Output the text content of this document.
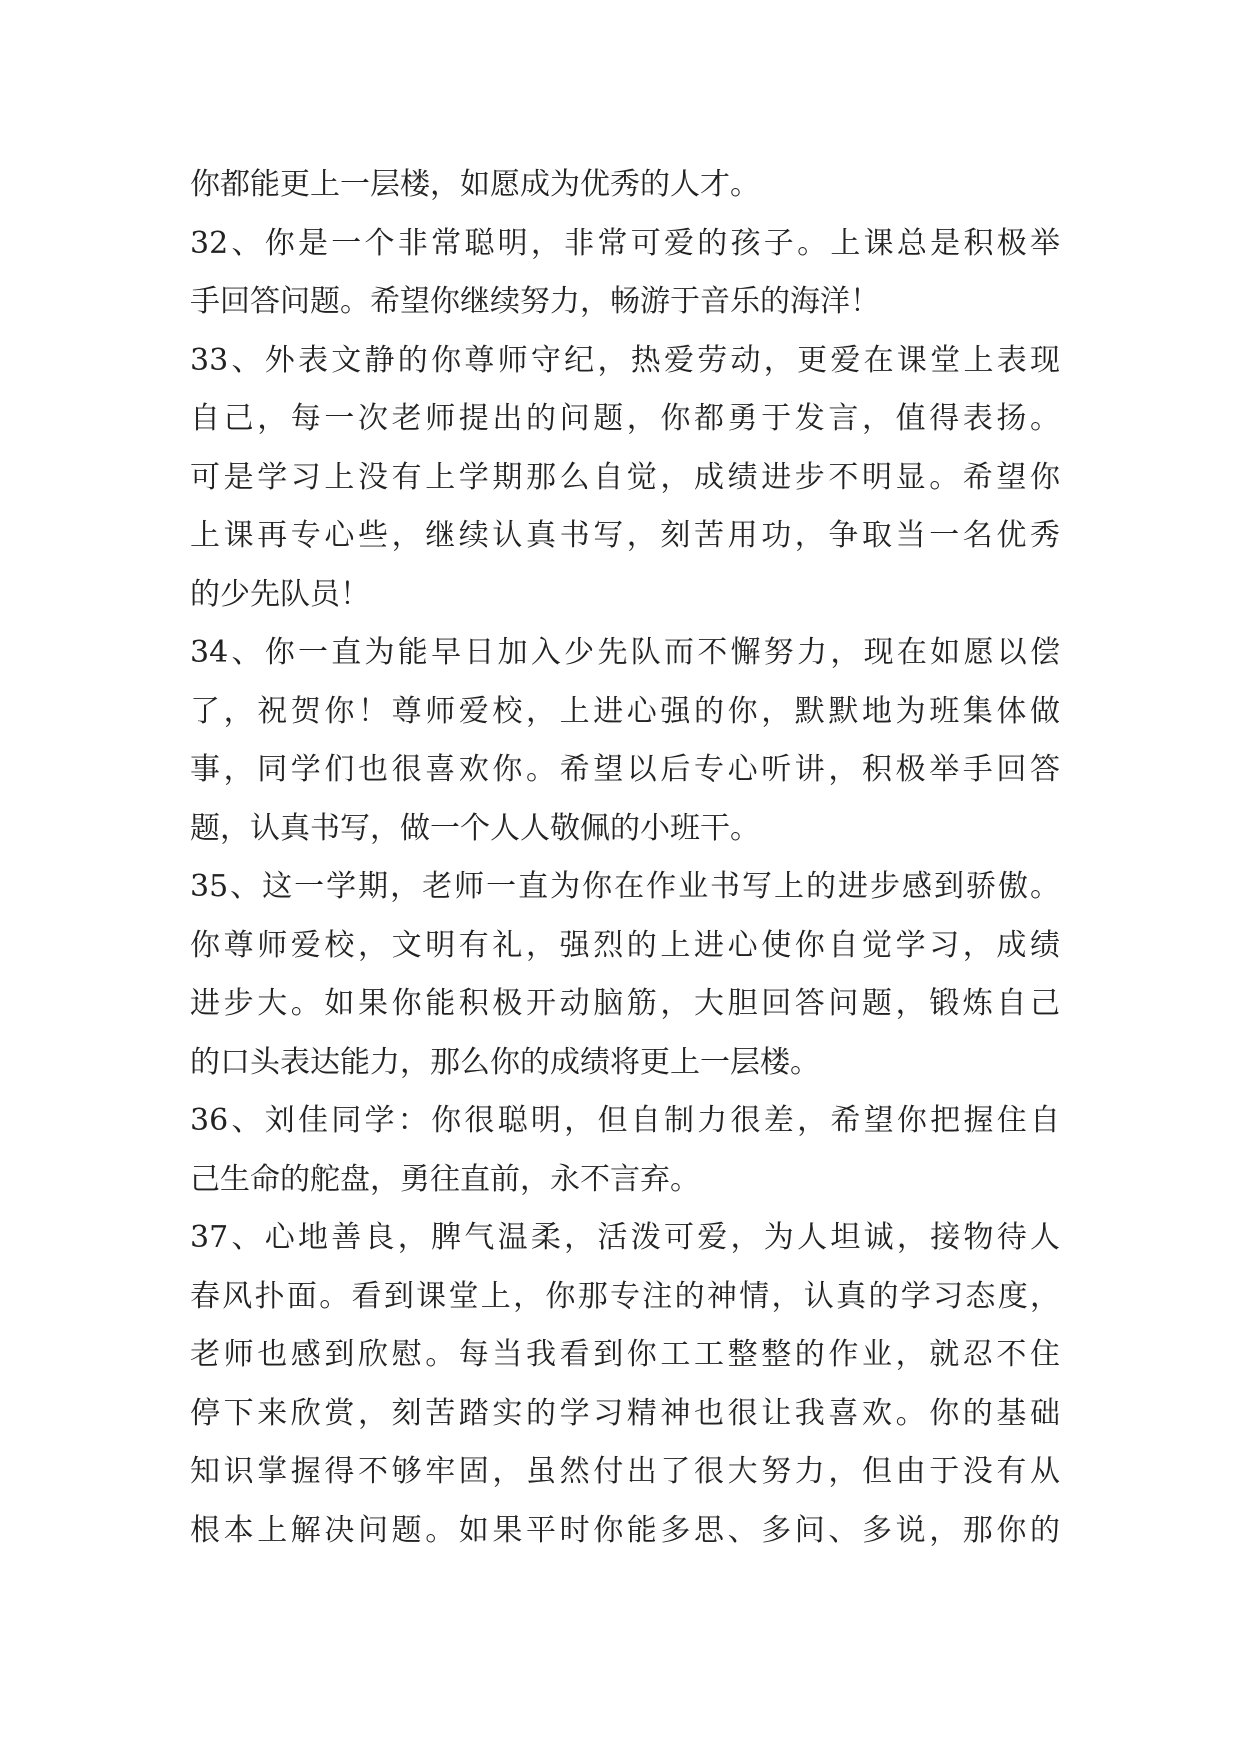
你都能更上一层楼，如愿成为优秀的人才。
32、你是一个非常聪明，非常可爱的孩子。上课总是积极举
手回答问题。希望你继续努力，畅游于音乐的海洋！
33、外表文静的你尊师守纪，热爱劳动，更爱在课堂上表现
自己，每一次老师提出的问题，你都勇于发言，值得表扬。
可是学习上没有上学期那么自觉，成绩进步不明显。希望你
上课再专心些，继续认真书写，刻苦用功，争取当一名优秀
的少先队员！
34、你一直为能早日加入少先队而不懈努力，现在如愿以偿
了，祝贺你！尊师爱校，上进心强的你，默默地为班集体做
事，同学们也很喜欢你。希望以后专心听讲，积极举手回答
题，认真书写，做一个人人敬佩的小班干。
35、这一学期，老师一直为你在作业书写上的进步感到骄傲。
你尊师爱校，文明有礼，强烈的上进心使你自觉学习，成绩
进步大。如果你能积极开动脑筋，大胆回答问题，锻炼自己
的口头表达能力，那么你的成绩将更上一层楼。
36、刘佳同学：你很聪明，但自制力很差，希望你把握住自
己生命的舵盘，勇往直前，永不言弃。
37、心地善良，脾气温柔，活泼可爱，为人坦诚，接物待人
春风扑面。看到课堂上，你那专注的神情，认真的学习态度，
老师也感到欣慰。每当我看到你工工整整的作业，就忍不住
停下来欣赏，刻苦踏实的学习精神也很让我喜欢。你的基础
知识掌握得不够牢固，虽然付出了很大努力，但由于没有从
根本上解决问题。如果平时你能多思、多问、多说，那你的
